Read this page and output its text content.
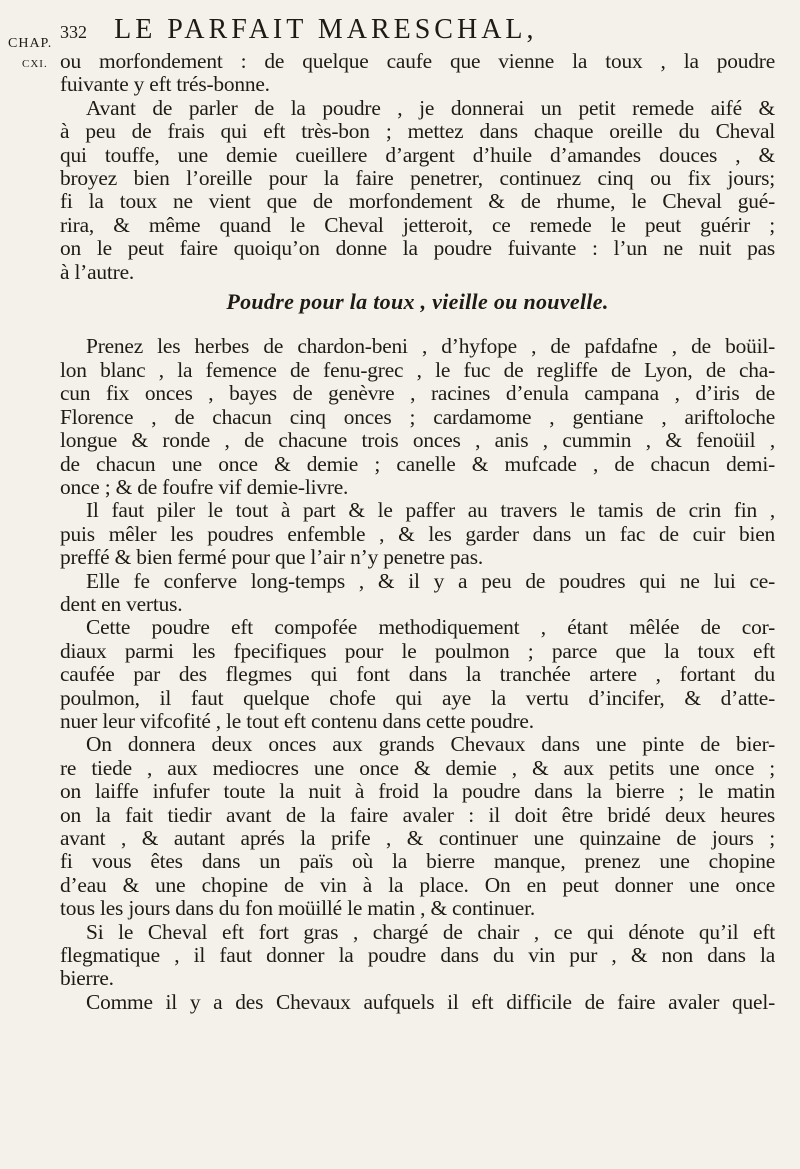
CHAP.
CXI.
332 LE PARFAIT MARESCHAL,
ou morfondement : de quelque caufe que vienne la toux , la poudre
fuivante y eft trés-bonne.
Avant de parler de la poudre , je donnerai un petit remede aifé &
à peu de frais qui eft très-bon ; mettez dans chaque oreille du Cheval
qui touffe, une demie cueillere d’argent d’huile d’amandes douces , &
broyez bien l’oreille pour la faire penetrer, continuez cinq ou fix jours;
fi la toux ne vient que de morfondement & de rhume, le Cheval gué-
rira, & même quand le Cheval jetteroit, ce remede le peut guérir ;
on le peut faire quoiqu’on donne la poudre fuivante : l’un ne nuit pas
à l’autre.
Poudre pour la toux , vieille ou nouvelle.
Prenez les herbes de chardon-beni , d’hyfope , de pafdafne , de boüil-
lon blanc , la femence de fenu-grec , le fuc de regliffe de Lyon, de cha-
cun fix onces , bayes de genèvre , racines d’enula campana , d’iris de
Florence , de chacun cinq onces ; cardamome , gentiane , ariftoloche
longue & ronde , de chacune trois onces , anis , cummin , & fenoüil ,
de chacun une once & demie ; canelle & mufcade , de chacun demi-
once ; & de foufre vif demie-livre.
Il faut piler le tout à part & le paffer au travers le tamis de crin fin ,
puis mêler les poudres enfemble , & les garder dans un fac de cuir bien
preffé & bien fermé pour que l’air n’y penetre pas.
Elle fe conferve long-temps , & il y a peu de poudres qui ne lui ce-
dent en vertus.
Cette poudre eft compofée methodiquement , étant mêlée de cor-
diaux parmi les fpecifiques pour le poulmon ; parce que la toux eft
caufée par des flegmes qui font dans la tranchée artere , fortant du
poulmon, il faut quelque chofe qui aye la vertu d’incifer, & d’atte-
nuer leur vifcofité , le tout eft contenu dans cette poudre.
On donnera deux onces aux grands Chevaux dans une pinte de bier-
re tiede , aux mediocres une once & demie , & aux petits une once ;
on laiffe infufer toute la nuit à froid la poudre dans la bierre ; le matin
on la fait tiedir avant de la faire avaler : il doit être bridé deux heures
avant , & autant aprés la prife , & continuer une quinzaine de jours ;
fi vous êtes dans un païs où la bierre manque, prenez une chopine
d’eau & une chopine de vin à la place. On en peut donner une once
tous les jours dans du fon moüillé le matin , & continuer.
Si le Cheval eft fort gras , chargé de chair , ce qui dénote qu’il eft
flegmatique , il faut donner la poudre dans du vin pur , & non dans la
bierre.
Comme il y a des Chevaux aufquels il eft difficile de faire avaler quel-
